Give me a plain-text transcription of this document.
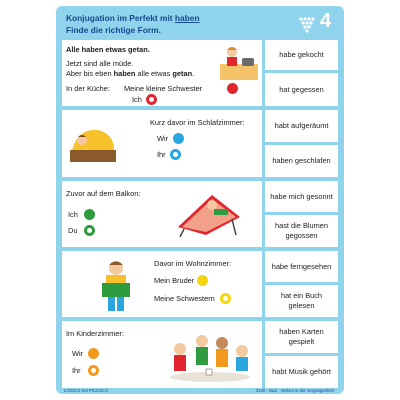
Konjugation im Perfekt mit haben
Finde die richtige Form.	4
Alle haben etwas getan.
Jetzt sind alle müde.
Aber bis eben haben alle etwas getan.
In der Küche: Meine kleine Schwester
Ich
habe gekocht
hat gegessen
Kurz davor im Schlafzimmer:
Wir
Ihr
habt aufgeräumt
haben geschlafen
Zuvor auf dem Balkon:
Ich
Du
habe mich gesonnt
hast die Blumen gegossen
Davor im Wohnzimmer:
Mein Bruder
Meine Schwestern
habe ferngesehen
hat ein Buch gelesen
Im Kinderzimmer:
Wir
Ihr
haben Karten gespielt
habt Musik gehört
LOGICO·Set PICCOLO	3240 · DaZ · Verben in der Vergangenheit
